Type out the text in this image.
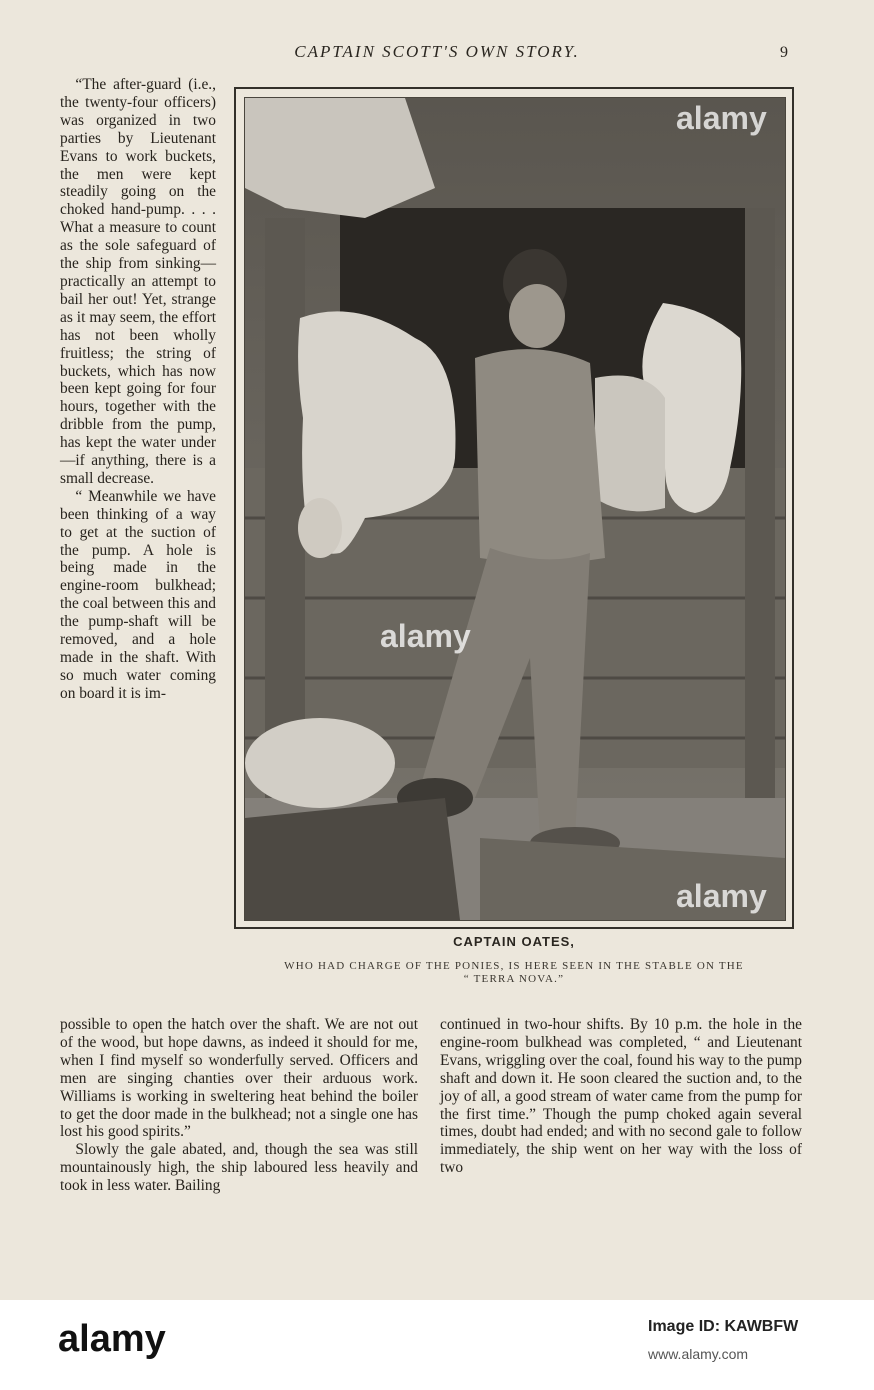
CAPTAIN SCOTT'S OWN STORY.	9

“The after-guard (i.e., the twenty-four officers) was organized in two parties by Lieutenant Evans to work buckets, the men were kept steadily going on the choked hand-pump. . . . What a measure to count as the sole safeguard of the ship from sinking—practically an attempt to bail her out! Yet, strange as it may seem, the effort has not been wholly fruitless; the string of buckets, which has now been kept going for four hours, together with the dribble from the pump, has kept the water under—if anything, there is a small decrease.

“ Meanwhile we have been thinking of a way to get at the suction of the pump. A hole is being made in the engine-room bulkhead; the coal between this and the pump-shaft will be removed, and a hole made in the shaft. With so much water coming on board it is im-

CAPTAIN OATES,
WHO HAD CHARGE OF THE PONIES, IS HERE SEEN IN THE STABLE ON THE
“ TERRA NOVA.”

possible to open the hatch over the shaft. We are not out of the wood, but hope dawns, as indeed it should for me, when I find myself so wonderfully served. Officers and men are singing chanties over their arduous work. Williams is working in sweltering heat behind the boiler to get the door made in the bulkhead; not a single one has lost his good spirits.”

Slowly the gale abated, and, though the sea was still mountainously high, the ship laboured less heavily and took in less water. Bailing

continued in two-hour shifts. By 10 p.m. the hole in the engine-room bulkhead was completed, “ and Lieutenant Evans, wriggling over the coal, found his way to the pump shaft and down it. He soon cleared the suction and, to the joy of all, a good stream of water came from the pump for the first time.” Though the pump choked again several times, doubt had ended; and with no second gale to follow immediately, the ship went on her way with the loss of two
alamy
alamy
alamy
alamy	Image ID: KAWBFW
www.alamy.com
